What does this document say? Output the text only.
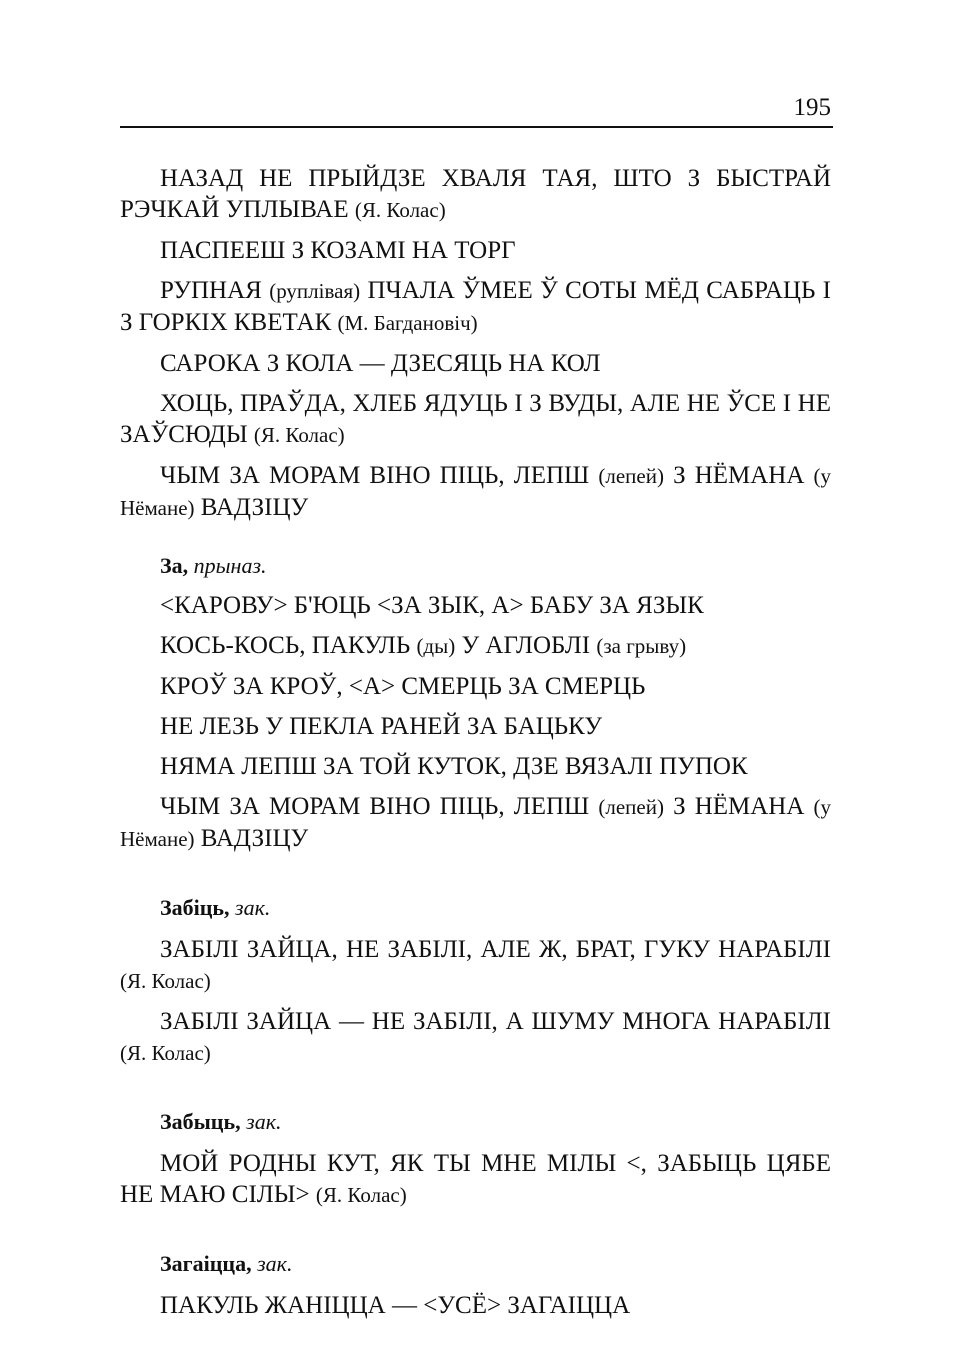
195

НАЗАД НЕ ПРЫЙДЗЕ ХВАЛЯ ТАЯ, ШТО З БЫСТРАЙ РЭЧКАЙ УПЛЫВАЕ (Я. Колас)

ПАСПЕЕШ З КОЗАМІ НА ТОРГ

РУПНАЯ (руплівая) ПЧАЛА ЎМЕЕ Ў СОТЫ МЁД САБРАЦЬ І З ГОРКІХ КВЕТАК (М. Багдановіч)

САРОКА З КОЛА — ДЗЕСЯЦЬ НА КОЛ

ХОЦЬ, ПРАЎДА, ХЛЕБ ЯДУЦЬ І З ВУДЫ, АЛЕ НЕ ЎСЕ І НЕ ЗАЎСЮДЫ (Я. Колас)

ЧЫМ ЗА МОРАМ ВІНО ПІЦЬ, ЛЕПШ (лепей) З НЁМАНА (у Нёмане) ВАДЗІЦУ

За, прыназ.

<КАРОВУ> Б'ЮЦЬ <ЗА ЗЫК, А> БАБУ ЗА ЯЗЫК

КОСЬ-КОСЬ, ПАКУЛЬ (ды) У АГЛОБЛІ (за грыву)

КРОЎ ЗА КРОЎ, <А> СМЕРЦЬ ЗА СМЕРЦЬ

НЕ ЛЕЗЬ У ПЕКЛА РАНЕЙ ЗА БАЦЬКУ

НЯМА ЛЕПШ ЗА ТОЙ КУТОК, ДЗЕ ВЯЗАЛІ ПУПОК

ЧЫМ ЗА МОРАМ ВІНО ПІЦЬ, ЛЕПШ (лепей) З НЁМАНА (у Нёмане) ВАДЗІЦУ

Забіць, зак.

ЗАБІЛІ ЗАЙЦА, НЕ ЗАБІЛІ, АЛЕ Ж, БРАТ, ГУКУ НАРАБІЛІ (Я. Колас)

ЗАБІЛІ ЗАЙЦА — НЕ ЗАБІЛІ, А ШУМУ МНОГА НАРАБІЛІ (Я. Колас)

Забыць, зак.

МОЙ РОДНЫ КУТ, ЯК ТЫ МНЕ МІЛЫ <, ЗАБЫЦЬ ЦЯБЕ НЕ МАЮ СІЛЫ> (Я. Колас)

Загаіцца, зак.

ПАКУЛЬ ЖАНІЦЦА — <УСЁ> ЗАГАІЦЦА
